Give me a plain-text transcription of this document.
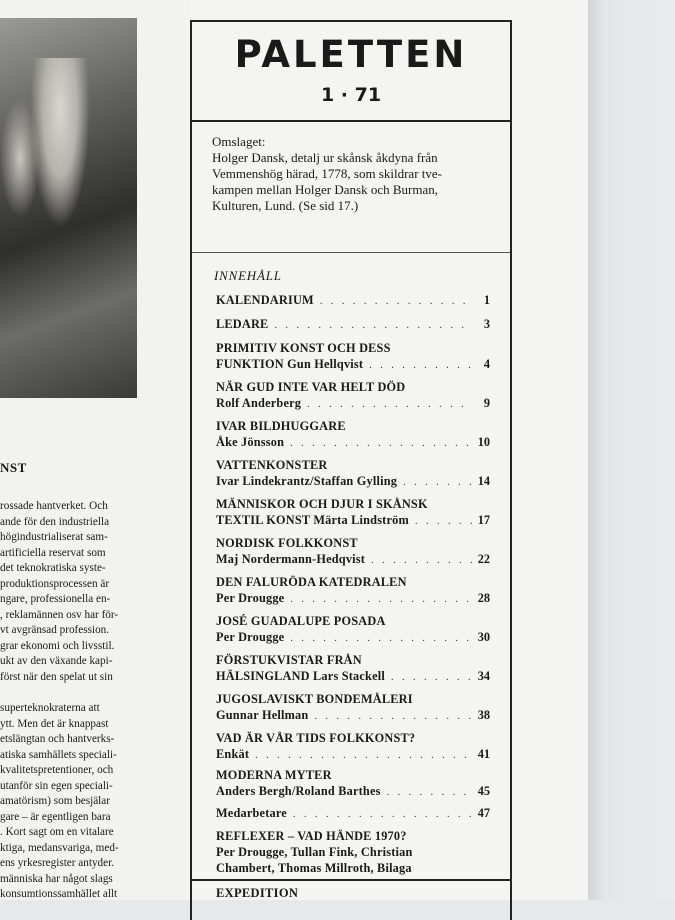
NST
rossade hantverket. Och
ande för den industriella
högindustrialiserat sam-
artificiella reservat som
det teknokratiska syste-
produktionsprocessen är
ngare, professionella en-
, reklamännen osv har för-
vt avgränsad profession.
grar ekonomi och livsstil.
ukt av den växande kapi-
först när den spelat ut sin
superteknokraterna att
ytt. Men det är knappast
etslängtan och hantverks-
atiska samhällets speciali-
kvalitetspretentioner, och
utanför sin egen speciali-
amatörism) som besjälar
gare – är egentligen bara
. Kort sagt om en vitalare
ktiga, medansvariga, med-
ens yrkesregister antyder.
människa har något slags
konsumtionssamhället allt
PALETTEN
1 · 71
Omslaget:
Holger Dansk, detalj ur skånsk åkdyna från
Vemmenshög härad, 1778, som skildrar tve-
kampen mellan Holger Dansk och Burman,
Kulturen, Lund. (Se sid 17.)
INNEHÅLL
KALENDARIUM . . .	1
LEDARE . . .	3
PRIMITIV KONST OCH DESS
FUNKTION Gun Hellqvist . . .	4
NÄR GUD INTE VAR HELT DÖD
Rolf Anderberg . . .	9
IVAR BILDHUGGARE
Åke Jönsson . . .	10
VATTENKONSTER
Ivar Lindekrantz/Staffan Gylling . . .	14
MÄNNISKOR OCH DJUR I SKÅNSK
TEXTIL KONST Märta Lindström . . .	17
NORDISK FOLKKONST
Maj Nordermann-Hedqvist . . .	22
DEN FALURÖDA KATEDRALEN
Per Drougge . . .	28
JOSÉ GUADALUPE POSADA
Per Drougge . . .	30
FÖRSTUKVISTAR FRÅN
HÄLSINGLAND Lars Stackell . . .	34
JUGOSLAVISKT BONDEMÅLERI
Gunnar Hellman . . .	38
VAD ÄR VÅR TIDS FOLKKONST?
Enkät . . .	41
MODERNA MYTER
Anders Bergh/Roland Barthes . . .	45
Medarbetare . . .	47
REFLEXER – VAD HÄNDE 1970?
Per Drougge, Tullan Fink, Christian
Chambert, Thomas Millroth, Bilaga
EXPEDITION
